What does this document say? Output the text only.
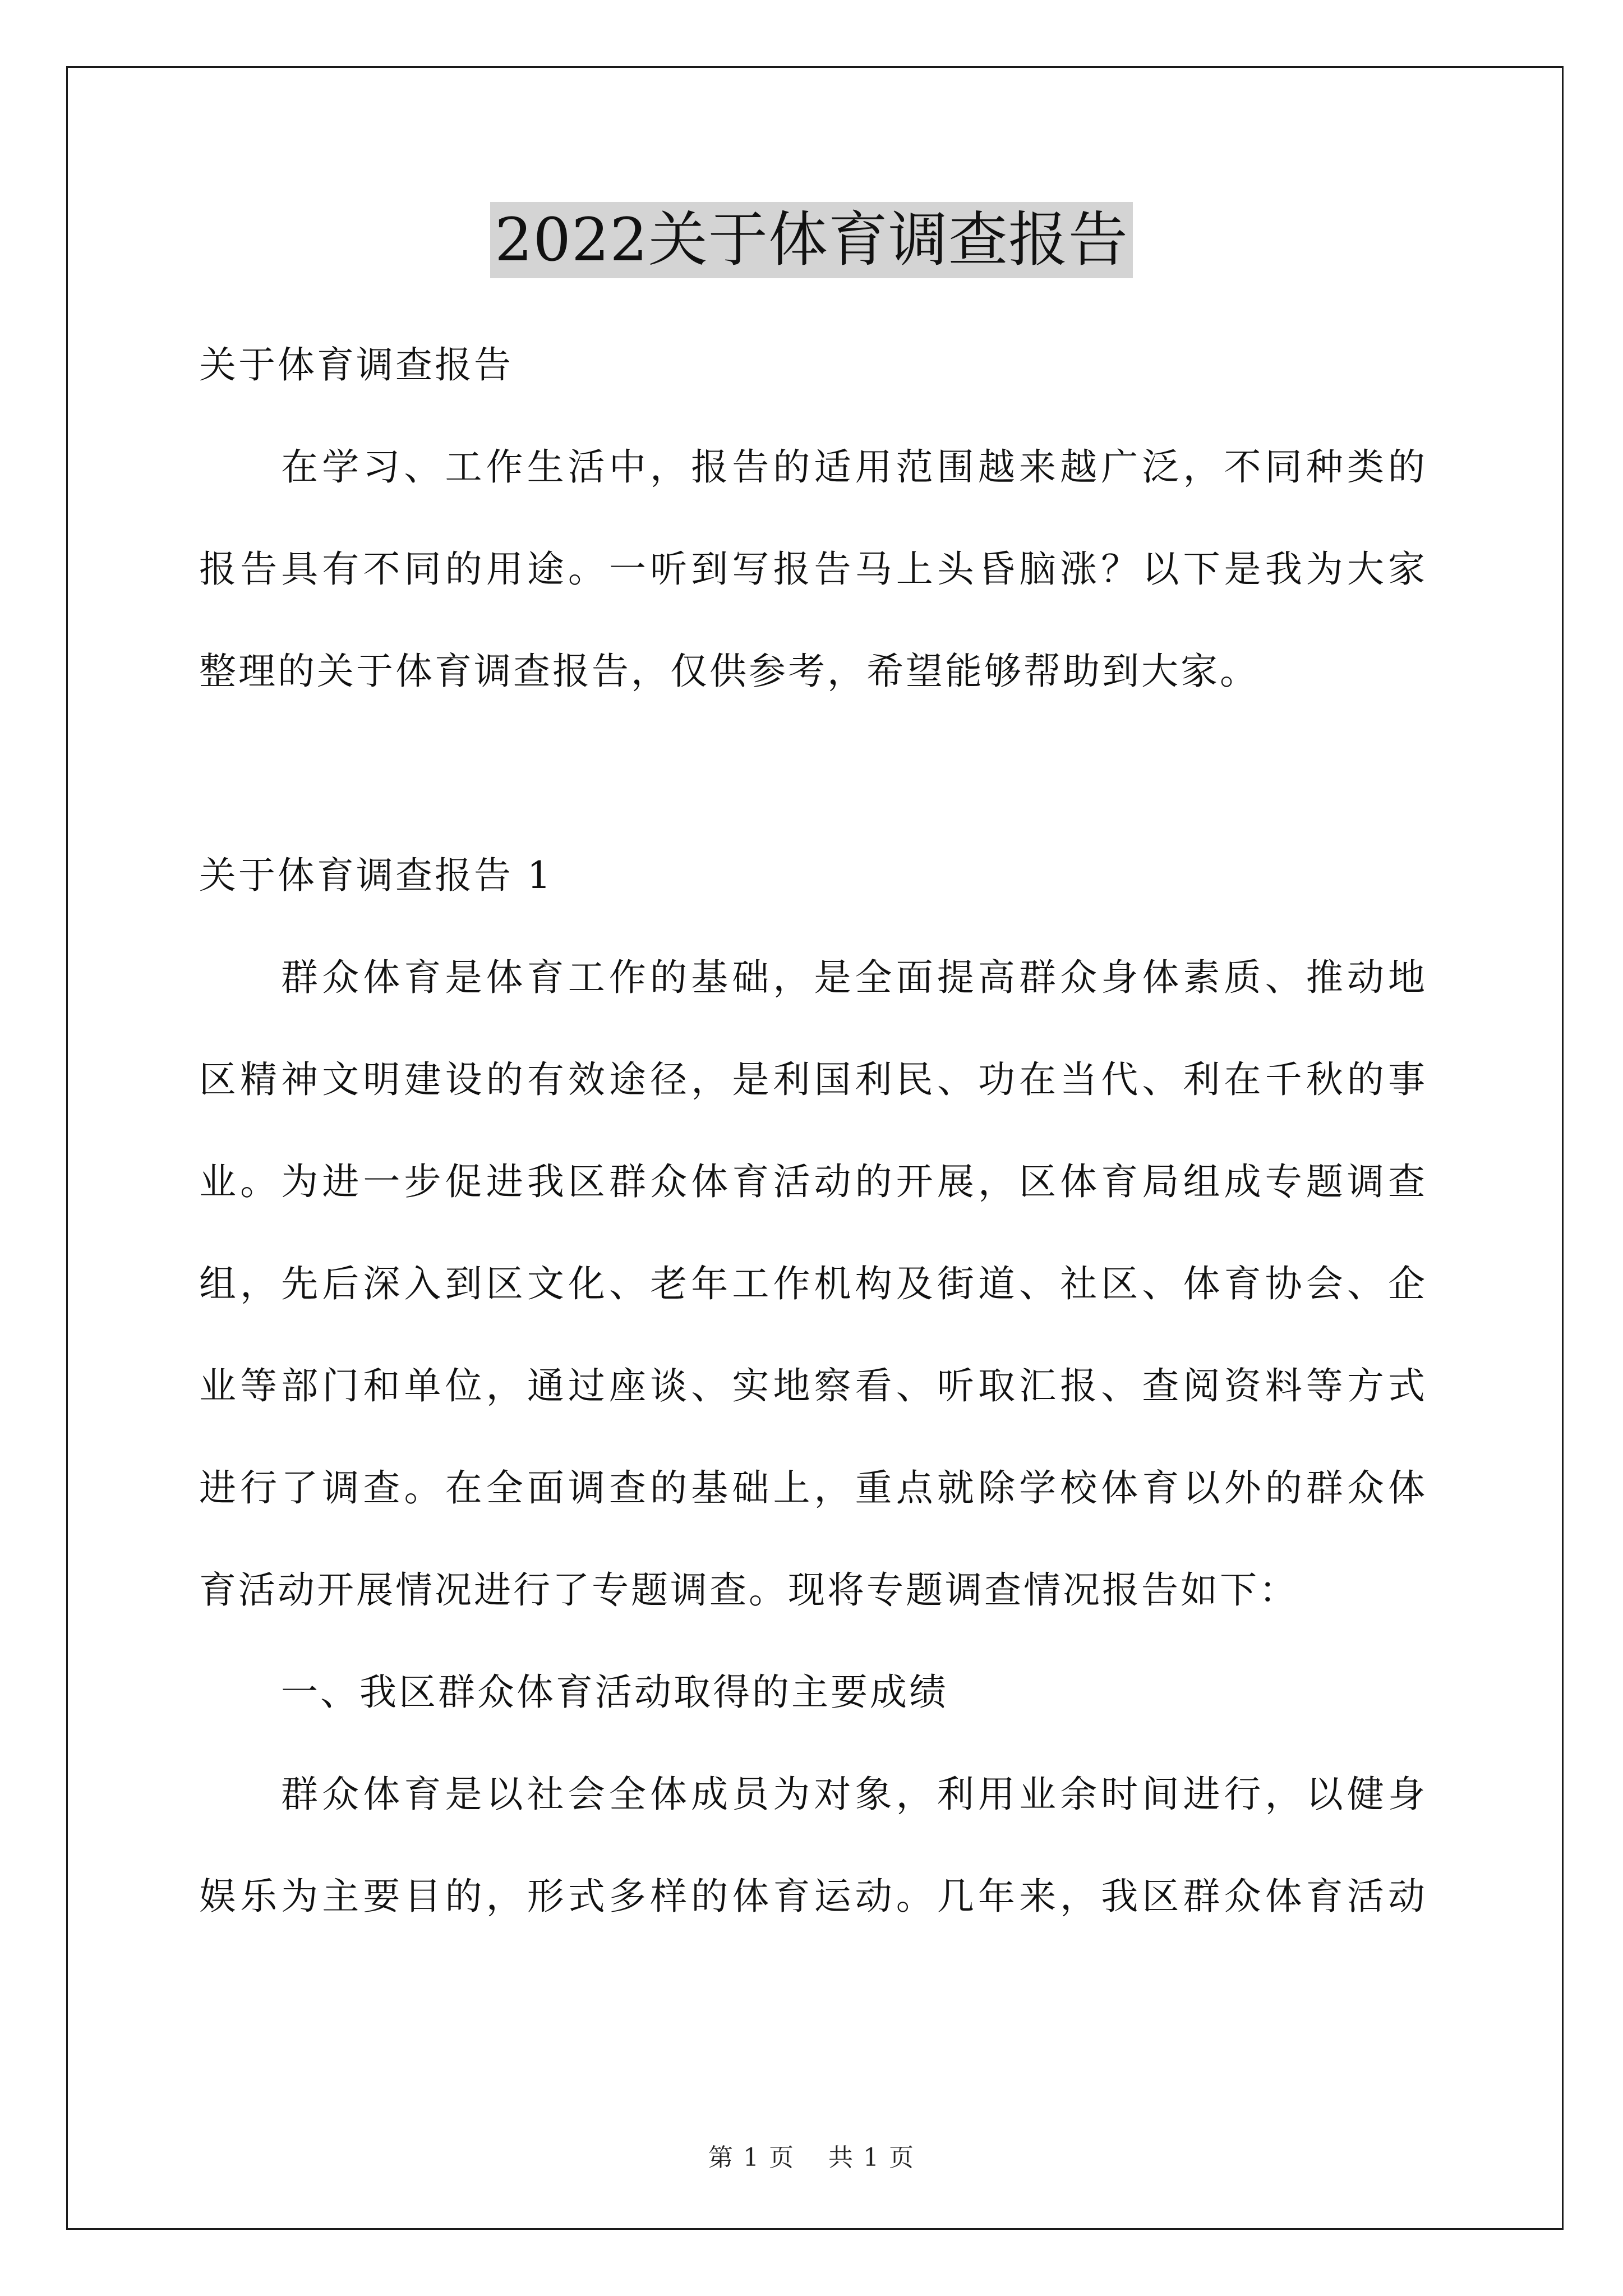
2022关于体育调查报告
关于体育调查报告
在学习、工作生活中，报告的适用范围越来越广泛，不同种类的
报告具有不同的用途。一听到写报告马上头昏脑涨？以下是我为大家
整理的关于体育调查报告，仅供参考，希望能够帮助到大家。
关于体育调查报告 1
群众体育是体育工作的基础，是全面提高群众身体素质、推动地
区精神文明建设的有效途径，是利国利民、功在当代、利在千秋的事
业。为进一步促进我区群众体育活动的开展，区体育局组成专题调查
组，先后深入到区文化、老年工作机构及街道、社区、体育协会、企
业等部门和单位，通过座谈、实地察看、听取汇报、查阅资料等方式
进行了调查。在全面调查的基础上，重点就除学校体育以外的群众体
育活动开展情况进行了专题调查。现将专题调查情况报告如下：
一、我区群众体育活动取得的主要成绩
群众体育是以社会全体成员为对象，利用业余时间进行，以健身
娱乐为主要目的，形式多样的体育运动。几年来，我区群众体育活动
第 1 页 共 1 页
